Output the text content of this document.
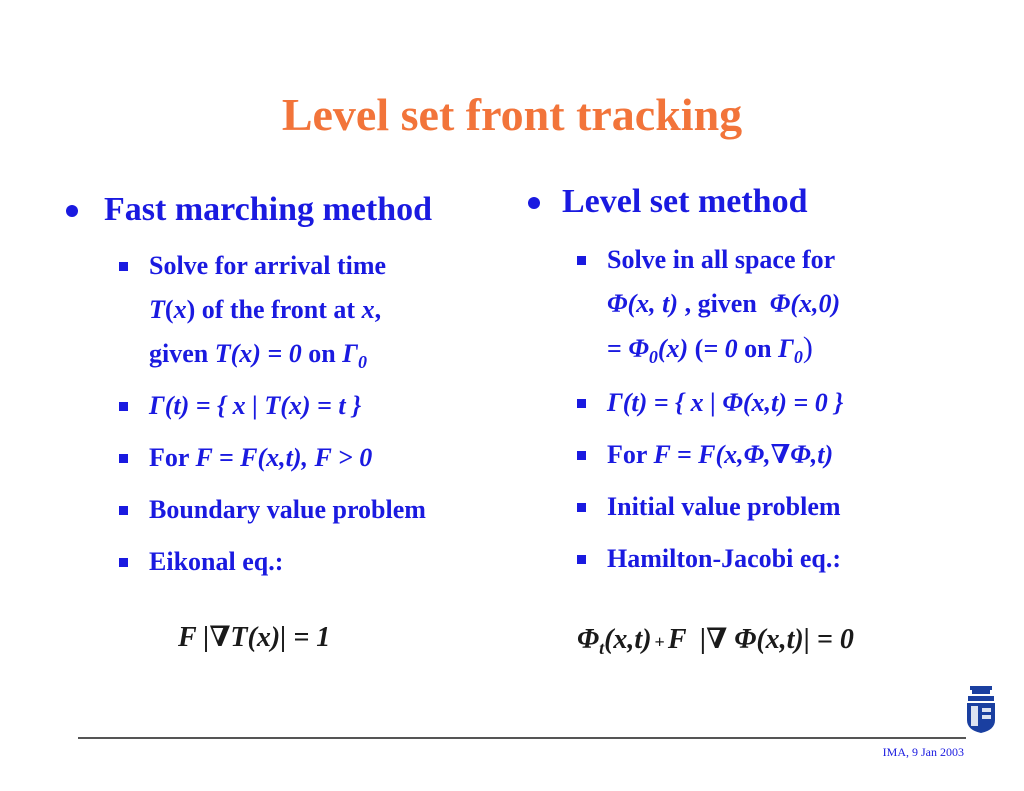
Level set front tracking
Fast marching method
Solve for arrival time
T(x) of the front at x,
given T(x) = 0 on $\Gamma_0$
Γ(t) = { x | T(x) = t }
For F = F(x,t), F > 0
Boundary value problem
Eikonal eq.:
F |∇T(x)| = 1
Level set method
Solve in all space for
Φ(x, t) , given  Φ(x,0)
= $\Phi_0(x)$ (= 0 on $\Gamma_0$)
Γ(t) = { x | Φ(x,t) = 0 }
For F = F(x,Φ,∇Φ,t)
Initial value problem
Hamilton-Jacobi eq.:
$\Phi_t(x,t) + F$  |∇ Φ(x,t)| = 0
IMA, 9 Jan 2003
